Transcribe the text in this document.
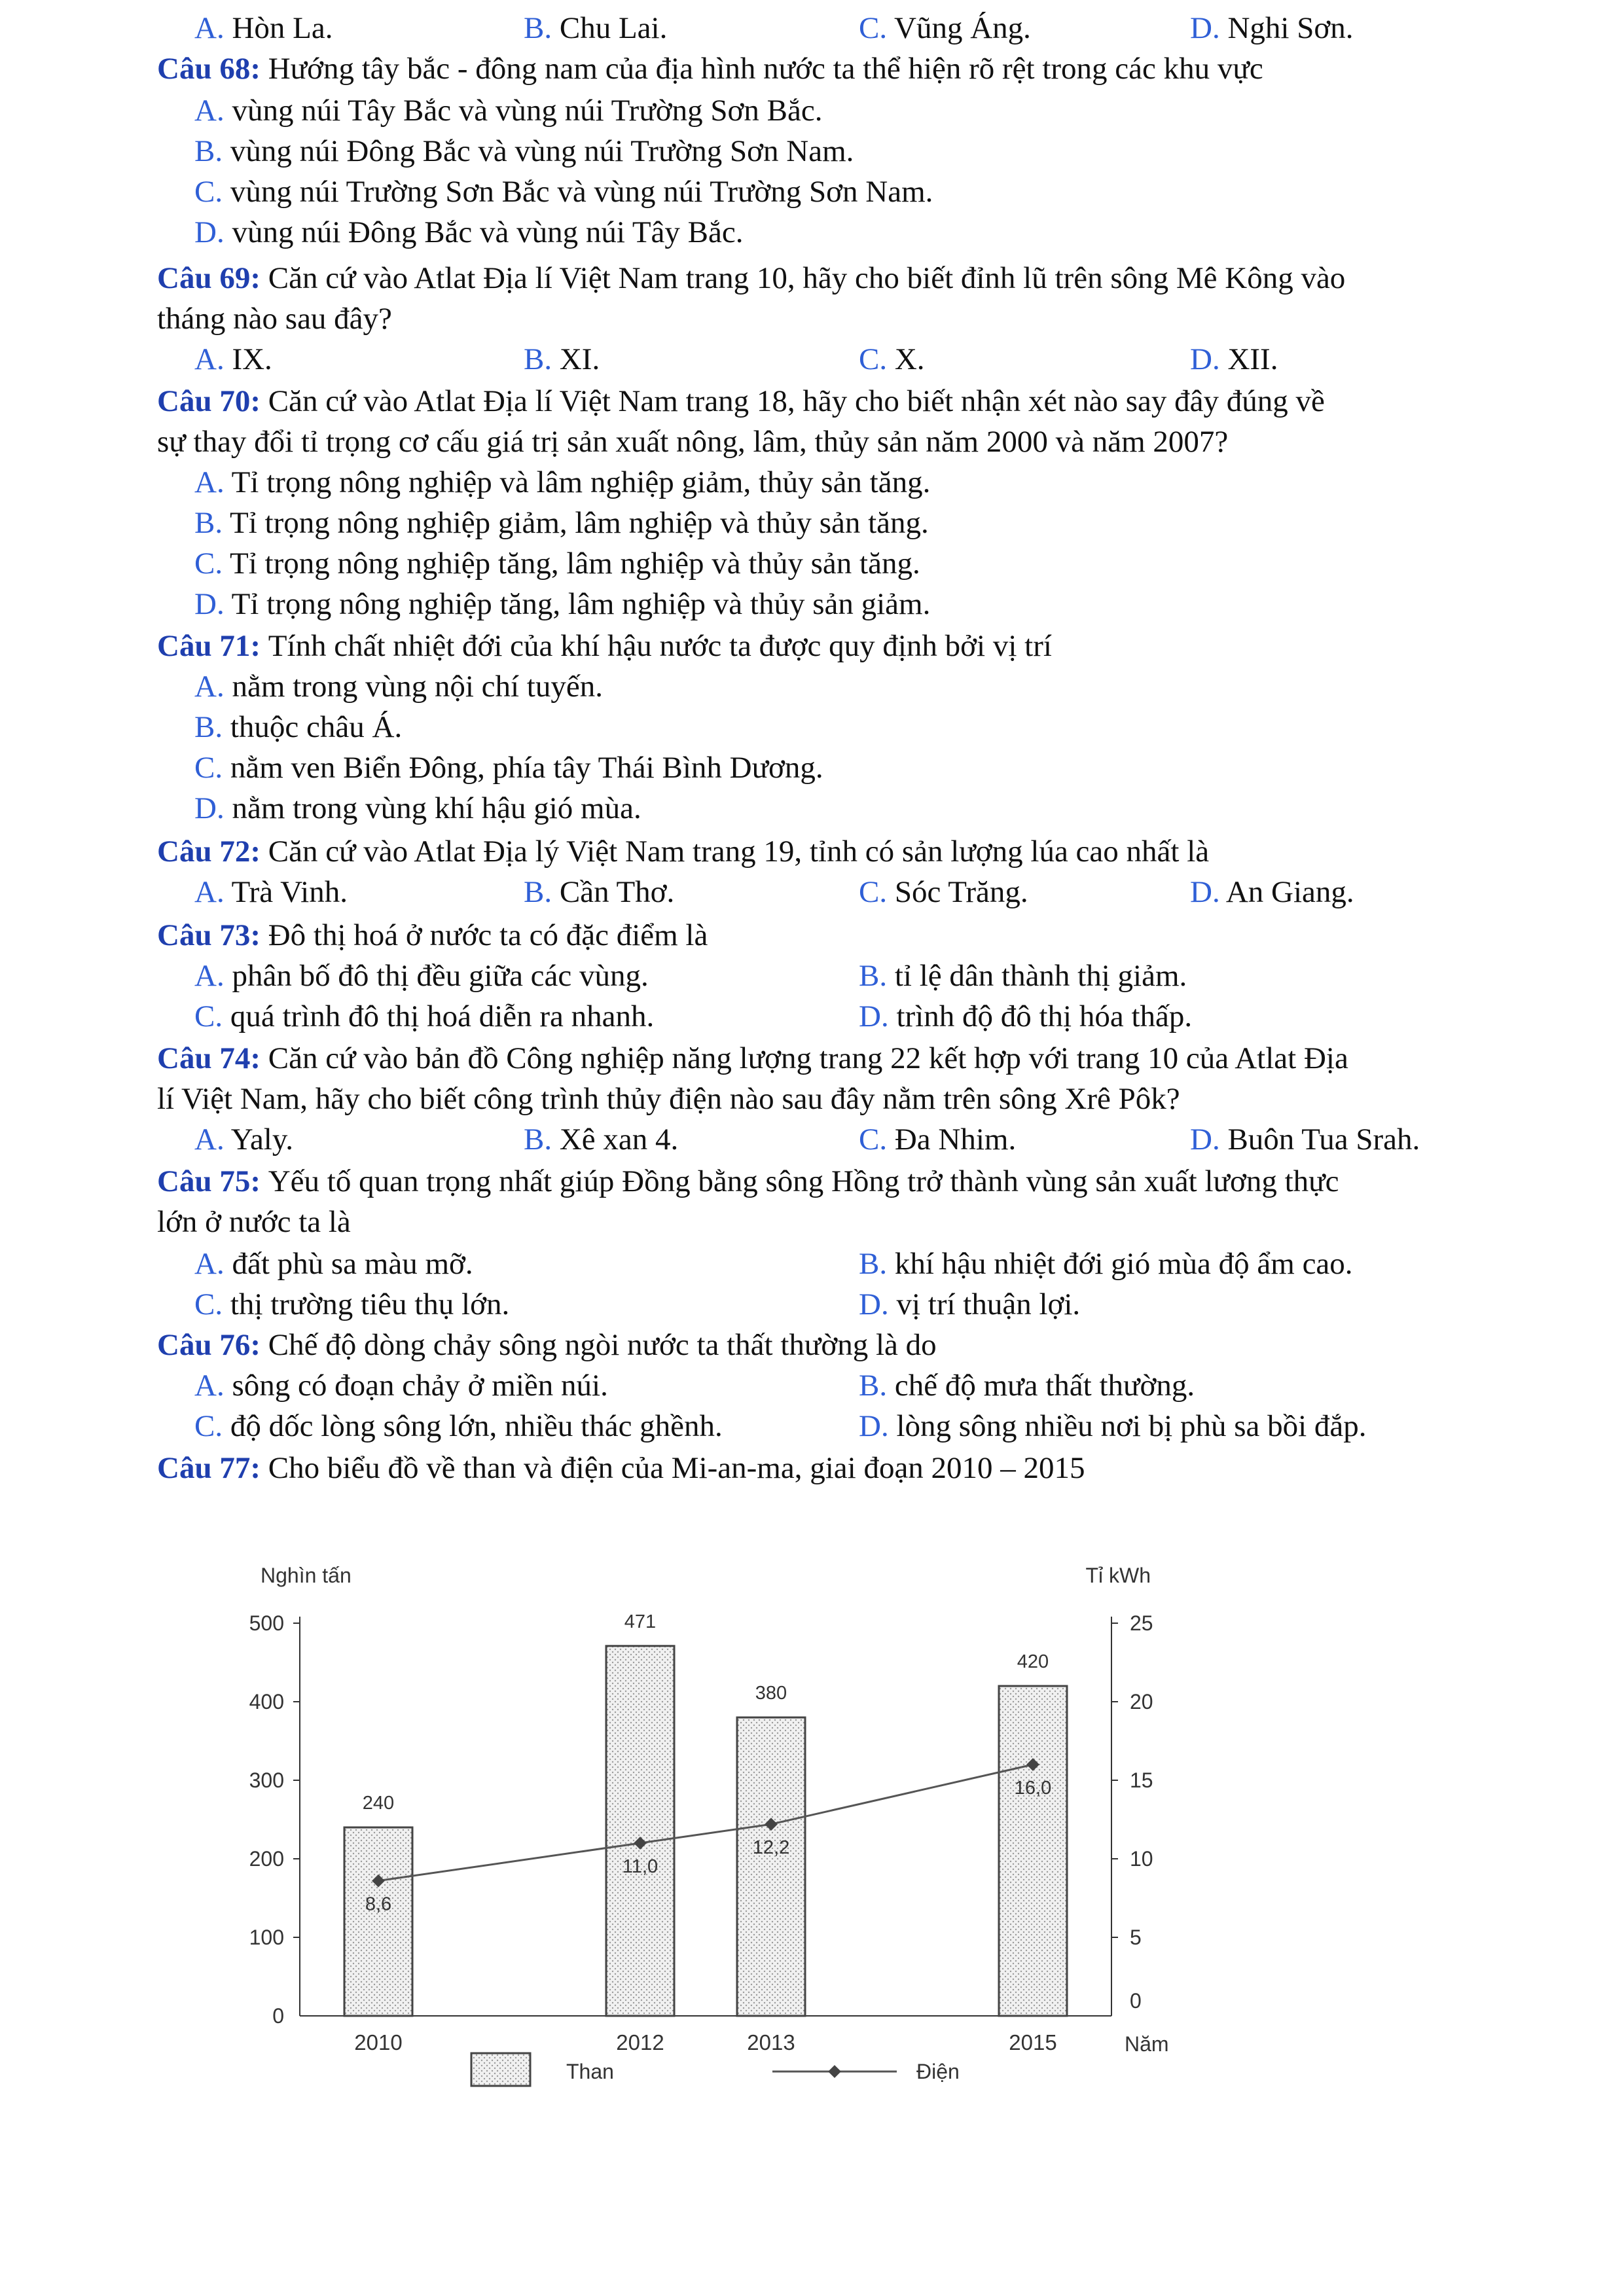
A. Hòn La.	B. Chu Lai.	C. Vũng Áng.	D. Nghi Sơn.
Câu 68: Hướng tây bắc - đông nam của địa hình nước ta thể hiện rõ rệt trong các khu vực
A. vùng núi Tây Bắc và vùng núi Trường Sơn Bắc.
B. vùng núi Đông Bắc và vùng núi Trường Sơn Nam.
C. vùng núi Trường Sơn Bắc và vùng núi Trường Sơn Nam.
D. vùng núi Đông Bắc và vùng núi Tây Bắc.
Câu 69: Căn cứ vào Atlat Địa lí Việt Nam trang 10, hãy cho biết đỉnh lũ trên sông Mê Kông vào
tháng nào sau đây?
A. IX.	B. XI.	C. X.	D. XII.
Câu 70: Căn cứ vào Atlat Địa lí Việt Nam trang 18, hãy cho biết nhận xét nào say đây đúng về
sự thay đổi tỉ trọng cơ cấu giá trị sản xuất nông, lâm, thủy sản năm 2000 và năm 2007?
A. Tỉ trọng nông nghiệp và lâm nghiệp giảm, thủy sản tăng.
B. Tỉ trọng nông nghiệp giảm, lâm nghiệp và thủy sản tăng.
C. Tỉ trọng nông nghiệp tăng, lâm nghiệp và thủy sản tăng.
D. Tỉ trọng nông nghiệp tăng, lâm nghiệp và thủy sản giảm.
Câu 71: Tính chất nhiệt đới của khí hậu nước ta được quy định bởi vị trí
A. nằm trong vùng nội chí tuyến.
B. thuộc châu Á.
C. nằm ven Biển Đông, phía tây Thái Bình Dương.
D. nằm trong vùng khí hậu gió mùa.
Câu 72: Căn cứ vào Atlat Địa lý Việt Nam trang 19, tỉnh có sản lượng lúa cao nhất là
A. Trà Vinh.	B. Cần Thơ.	C. Sóc Trăng.	D. An Giang.
Câu 73: Đô thị hoá ở nước ta có đặc điểm là
A. phân bố đô thị đều giữa các vùng.	B. tỉ lệ dân thành thị giảm.
C. quá trình đô thị hoá diễn ra nhanh.	D. trình độ đô thị hóa thấp.
Câu 74: Căn cứ vào bản đồ Công nghiệp năng lượng trang 22 kết hợp với trang 10 của Atlat Địa
lí Việt Nam, hãy cho biết công trình thủy điện nào sau đây nằm trên sông Xrê Pôk?
A. Yaly.	B. Xê xan 4.	C. Đa Nhim.	D. Buôn Tua Srah.
Câu 75: Yếu tố quan trọng nhất giúp Đồng bằng sông Hồng trở thành vùng sản xuất lương thực
lớn ở nước ta là
A. đất phù sa màu mỡ.	B. khí hậu nhiệt đới gió mùa độ ẩm cao.
C. thị trường tiêu thụ lớn.	D. vị trí thuận lợi.
Câu 76: Chế độ dòng chảy sông ngòi nước ta thất thường là do
A. sông có đoạn chảy ở miền núi.	B. chế độ mưa thất thường.
C. độ dốc lòng sông lớn, nhiều thác ghềnh.	D. lòng sông nhiều nơi bị phù sa bồi đắp.
Câu 77: Cho biểu đồ về than và điện của Mi-an-ma, giai đoạn 2010 – 2015
0
100
200
300
400
500
0
5
10
15
20
25
Nghìn tấn	Tỉ kWh
Năm
240
2010
471
2012
380
2013
420
2015
8,6
11,0
12,2
16,0
Than	Điện
